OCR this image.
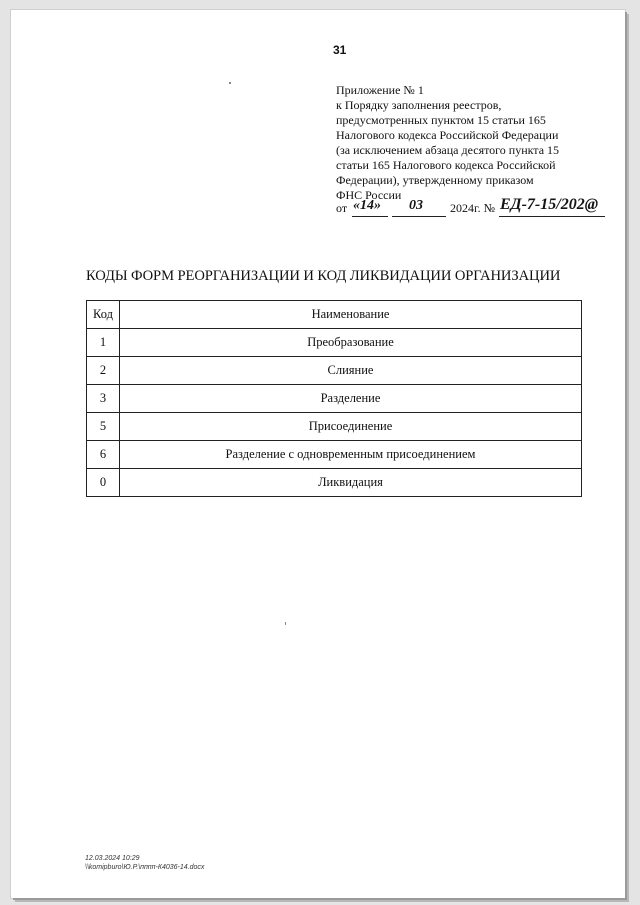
31
Приложение № 1
к Порядку заполнения реестров,
предусмотренных пунктом 15 статьи 165
Налогового кодекса Российской Федерации
(за исключением абзаца десятого пункта 15
статьи 165 Налогового кодекса Российской
Федерации), утвержденному приказом
ФНС России
от «14» 03 2024г. № ЕД-7-15/202@
КОДЫ ФОРМ РЕОРГАНИЗАЦИИ И КОД ЛИКВИДАЦИИ ОРГАНИЗАЦИИ
Код	Наименование
1	Преобразование
2	Слияние
3	Разделение
5	Присоединение
6	Разделение с одновременным присоединением
0	Ликвидация
12.03.2024 10:29
\\komipburo\Ю.Р.\пппп-К4036-14.docx
